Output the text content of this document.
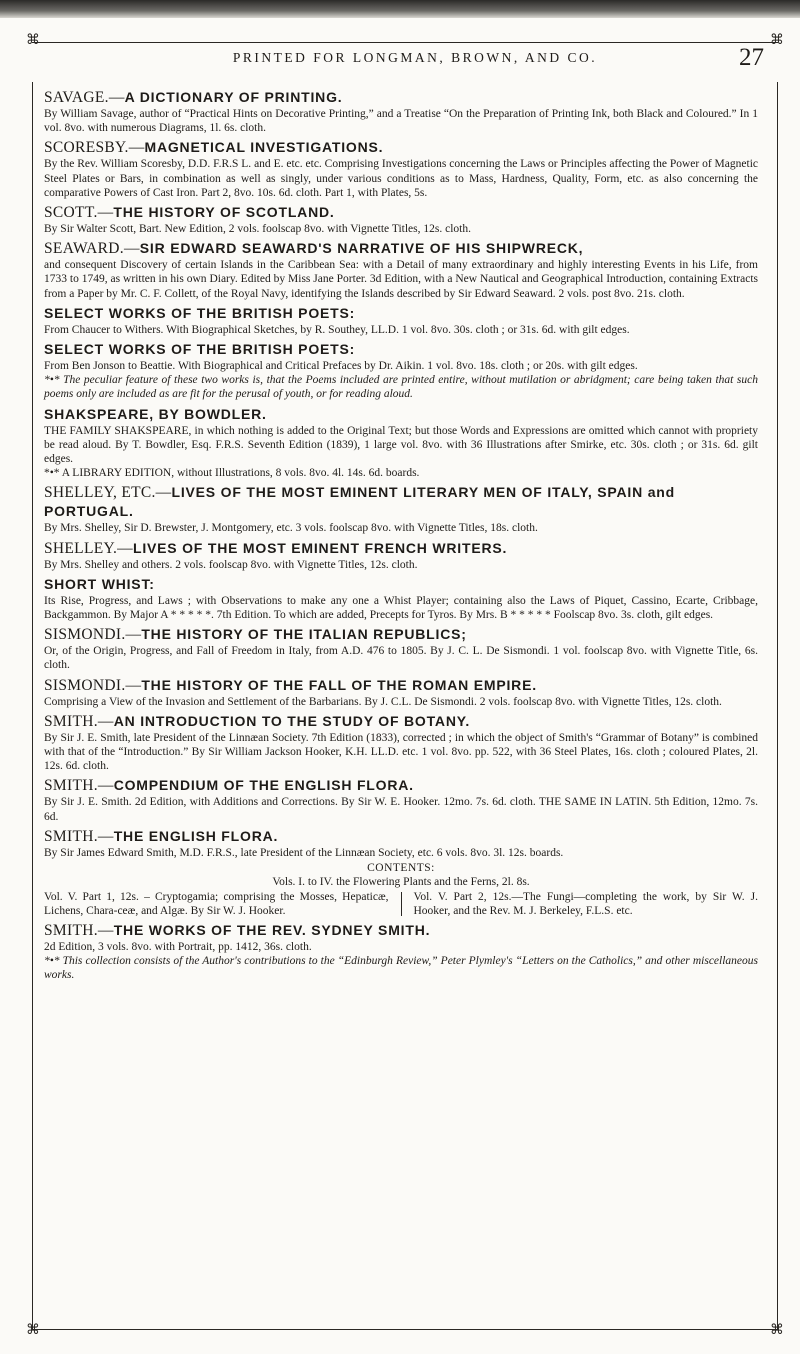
⌘	⌘
PRINTED FOR LONGMAN, BROWN, AND CO.	27
⌘	⌘
SAVAGE.—A DICTIONARY OF PRINTING.
By William Savage, author of “Practical Hints on Decorative Printing,” and a Treatise “On the Preparation of Printing Ink, both Black and Coloured.” In 1 vol. 8vo. with numerous Diagrams, 1l. 6s. cloth.
SCORESBY.—MAGNETICAL INVESTIGATIONS.
By the Rev. William Scoresby, D.D. F.R.S L. and E. etc. etc. Comprising Investigations concerning the Laws or Principles affecting the Power of Magnetic Steel Plates or Bars, in combination as well as singly, under various conditions as to Mass, Hardness, Quality, Form, etc. as also concerning the comparative Powers of Cast Iron. Part 2, 8vo. 10s. 6d. cloth. Part 1, with Plates, 5s.
SCOTT.—THE HISTORY OF SCOTLAND.
By Sir Walter Scott, Bart. New Edition, 2 vols. foolscap 8vo. with Vignette Titles, 12s. cloth.
SEAWARD.—SIR EDWARD SEAWARD'S NARRATIVE OF HIS SHIPWRECK,
and consequent Discovery of certain Islands in the Caribbean Sea: with a Detail of many extraordinary and highly interesting Events in his Life, from 1733 to 1749, as written in his own Diary. Edited by Miss Jane Porter. 3d Edition, with a New Nautical and Geographical Introduction, containing Extracts from a Paper by Mr. C. F. Collett, of the Royal Navy, identifying the Islands described by Sir Edward Seaward. 2 vols. post 8vo. 21s. cloth.
SELECT WORKS OF THE BRITISH POETS:
From Chaucer to Withers. With Biographical Sketches, by R. Southey, LL.D. 1 vol. 8vo. 30s. cloth ; or 31s. 6d. with gilt edges.
SELECT WORKS OF THE BRITISH POETS:
From Ben Jonson to Beattie. With Biographical and Critical Prefaces by Dr. Aikin. 1 vol. 8vo. 18s. cloth ; or 20s. with gilt edges.
*•* The peculiar feature of these two works is, that the Poems included are printed entire, without mutilation or abridgment; care being taken that such poems only are included as are fit for the perusal of youth, or for reading aloud.
SHAKSPEARE, BY BOWDLER.
THE FAMILY SHAKSPEARE, in which nothing is added to the Original Text; but those Words and Expressions are omitted which cannot with propriety be read aloud. By T. Bowdler, Esq. F.R.S. Seventh Edition (1839), 1 large vol. 8vo. with 36 Illustrations after Smirke, etc. 30s. cloth ; or 31s. 6d. gilt edges.
*•* A LIBRARY EDITION, without Illustrations, 8 vols. 8vo. 4l. 14s. 6d. boards.
SHELLEY, ETC.—LIVES OF THE MOST EMINENT LITERARY MEN OF ITALY, SPAIN and PORTUGAL.
By Mrs. Shelley, Sir D. Brewster, J. Montgomery, etc. 3 vols. foolscap 8vo. with Vignette Titles, 18s. cloth.
SHELLEY.—LIVES OF THE MOST EMINENT FRENCH WRITERS.
By Mrs. Shelley and others. 2 vols. foolscap 8vo. with Vignette Titles, 12s. cloth.
SHORT WHIST:
Its Rise, Progress, and Laws ; with Observations to make any one a Whist Player; containing also the Laws of Piquet, Cassino, Ecarte, Cribbage, Backgammon. By Major A * * * * *. 7th Edition. To which are added, Precepts for Tyros. By Mrs. B * * * * * Foolscap 8vo. 3s. cloth, gilt edges.
SISMONDI.—THE HISTORY OF THE ITALIAN REPUBLICS;
Or, of the Origin, Progress, and Fall of Freedom in Italy, from A.D. 476 to 1805. By J. C. L. De Sismondi. 1 vol. foolscap 8vo. with Vignette Title, 6s. cloth.
SISMONDI.—THE HISTORY OF THE FALL OF THE ROMAN EMPIRE.
Comprising a View of the Invasion and Settlement of the Barbarians. By J. C.L. De Sismondi. 2 vols. foolscap 8vo. with Vignette Titles, 12s. cloth.
SMITH.—AN INTRODUCTION TO THE STUDY OF BOTANY.
By Sir J. E. Smith, late President of the Linnæan Society. 7th Edition (1833), corrected ; in which the object of Smith's “Grammar of Botany” is combined with that of the “Introduction.” By Sir William Jackson Hooker, K.H. LL.D. etc. 1 vol. 8vo. pp. 522, with 36 Steel Plates, 16s. cloth ; coloured Plates, 2l. 12s. 6d. cloth.
SMITH.—COMPENDIUM OF THE ENGLISH FLORA.
By Sir J. E. Smith. 2d Edition, with Additions and Corrections. By Sir W. E. Hooker. 12mo. 7s. 6d. cloth. THE SAME IN LATIN. 5th Edition, 12mo. 7s. 6d.
SMITH.—THE ENGLISH FLORA.
By Sir James Edward Smith, M.D. F.R.S., late President of the Linnæan Society, etc. 6 vols. 8vo. 3l. 12s. boards.
CONTENTS:
Vols. I. to IV. the Flowering Plants and the Ferns, 2l. 8s.
Vol. V. Part 1, 12s. – Cryptogamia; comprising the Mosses, Hepaticæ, Lichens, Chara-ceæ, and Algæ. By Sir W. J. Hooker.
Vol. V. Part 2, 12s.—The Fungi—completing the work, by Sir W. J. Hooker, and the Rev. M. J. Berkeley, F.L.S. etc.
SMITH.—THE WORKS OF THE REV. SYDNEY SMITH.
2d Edition, 3 vols. 8vo. with Portrait, pp. 1412, 36s. cloth.
*•* This collection consists of the Author's contributions to the “Edinburgh Review,” Peter Plymley's “Letters on the Catholics,” and other miscellaneous works.
